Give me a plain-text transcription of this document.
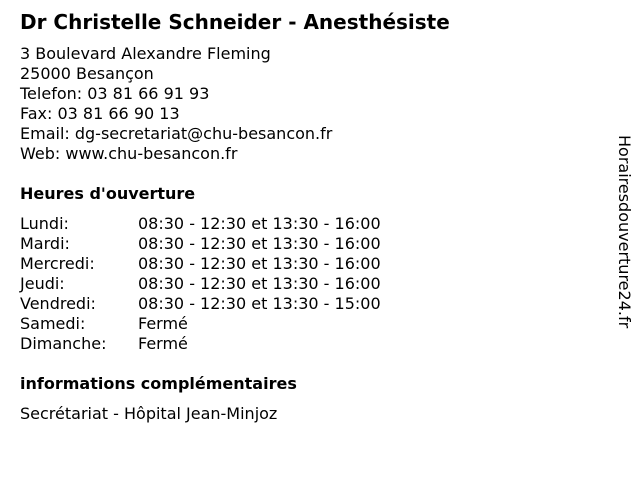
Dr Christelle Schneider - Anesthésiste
3 Boulevard Alexandre Fleming
25000 Besançon
Telefon: 03 81 66 91 93
Fax: 03 81 66 90 13
Email: dg-secretariat@chu-besancon.fr
Web: www.chu-besancon.fr
Heures d'ouverture
Lundi:	08:30 - 12:30 et 13:30 - 16:00
Mardi:	08:30 - 12:30 et 13:30 - 16:00
Mercredi:	08:30 - 12:30 et 13:30 - 16:00
Jeudi:	08:30 - 12:30 et 13:30 - 16:00
Vendredi:	08:30 - 12:30 et 13:30 - 15:00
Samedi:	Fermé
Dimanche:	Fermé
informations complémentaires
Secrétariat - Hôpital Jean-Minjoz
Horairesdouverture24.fr
